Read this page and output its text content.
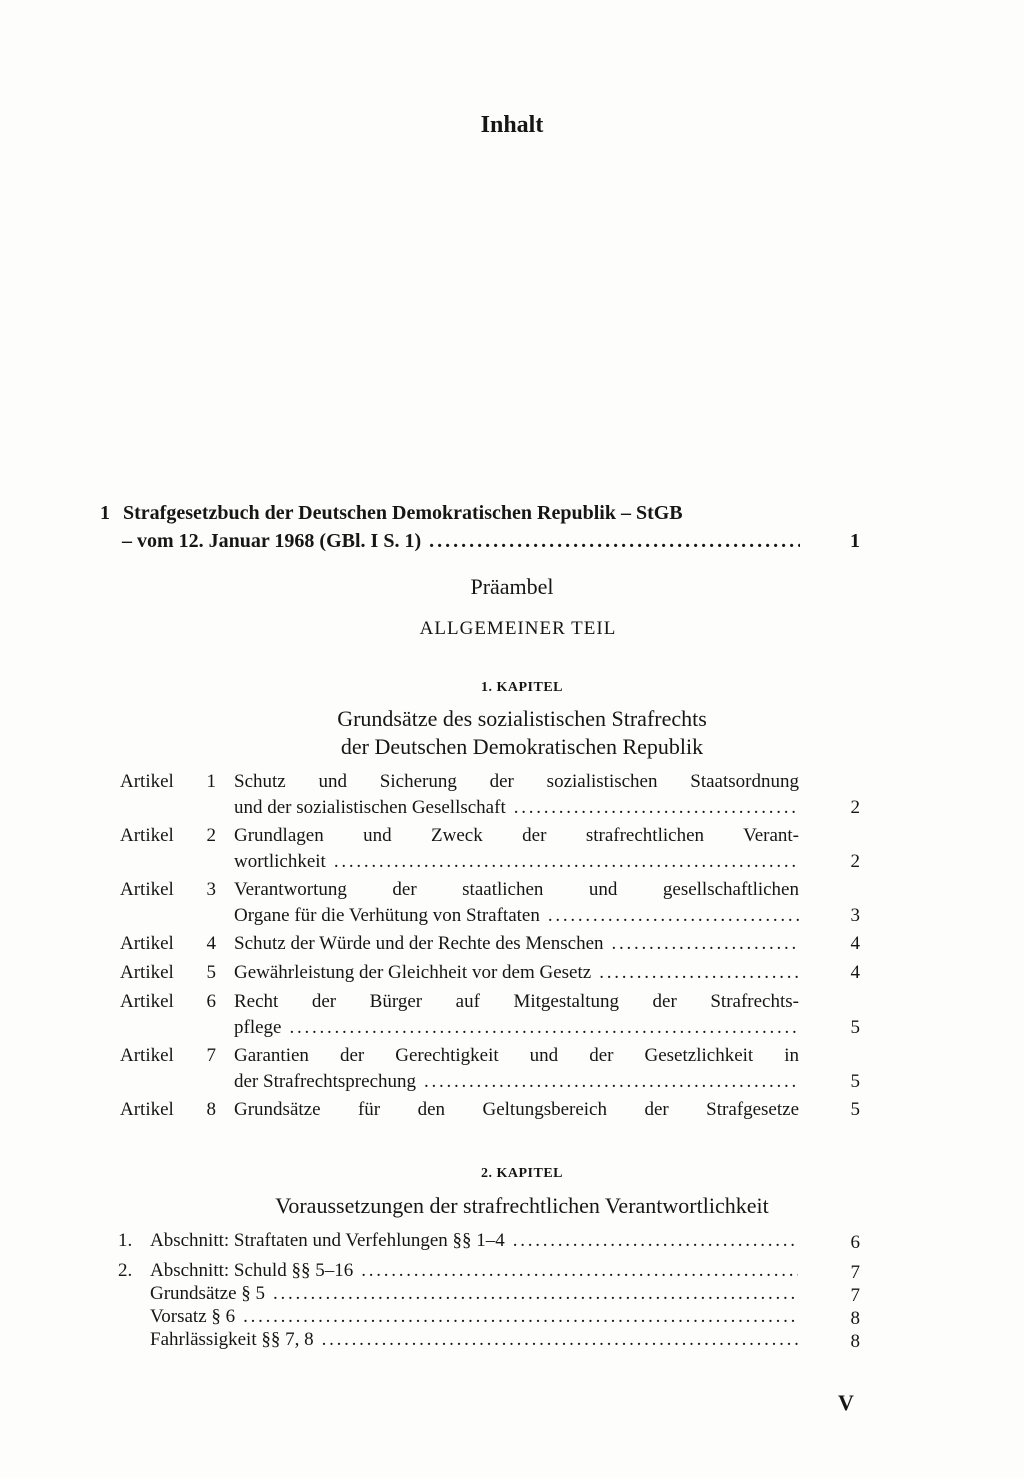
Inhalt
1 Strafgesetzbuch der Deutschen Demokratischen Republik – StGB
– vom 12. Januar 1968 (GBl. I S. 1) . . .	1
Präambel
ALLGEMEINER TEIL
1. KAPITEL
Grundsätze des sozialistischen Strafrechts
der Deutschen Demokratischen Republik
Artikel 1 Schutz und Sicherung der sozialistischen Staatsordnung
und der sozialistischen Gesellschaft . . .	2
Artikel 2 Grundlagen und Zweck der strafrechtlichen Verant-
wortlichkeit . . .	2
Artikel 3 Verantwortung der staatlichen und gesellschaftlichen
Organe für die Verhütung von Straftaten . . .	3
Artikel 4 Schutz der Würde und der Rechte des Menschen . . .	4
Artikel 5 Gewährleistung der Gleichheit vor dem Gesetz . . .	4
Artikel 6 Recht der Bürger auf Mitgestaltung der Strafrechts-
pflege . . .	5
Artikel 7 Garantien der Gerechtigkeit und der Gesetzlichkeit in
der Strafrechtsprechung . . .	5
Artikel 8 Grundsätze für den Geltungsbereich der Strafgesetze	5
2. KAPITEL
Voraussetzungen der strafrechtlichen Verantwortlichkeit
1. Abschnitt: Straftaten und Verfehlungen §§ 1–4 . . .	6
2. Abschnitt: Schuld §§ 5–16 . . .	7
Grundsätze § 5 . . .	7
Vorsatz § 6 . . .	8
Fahrlässigkeit §§ 7, 8 . . .	8
V
